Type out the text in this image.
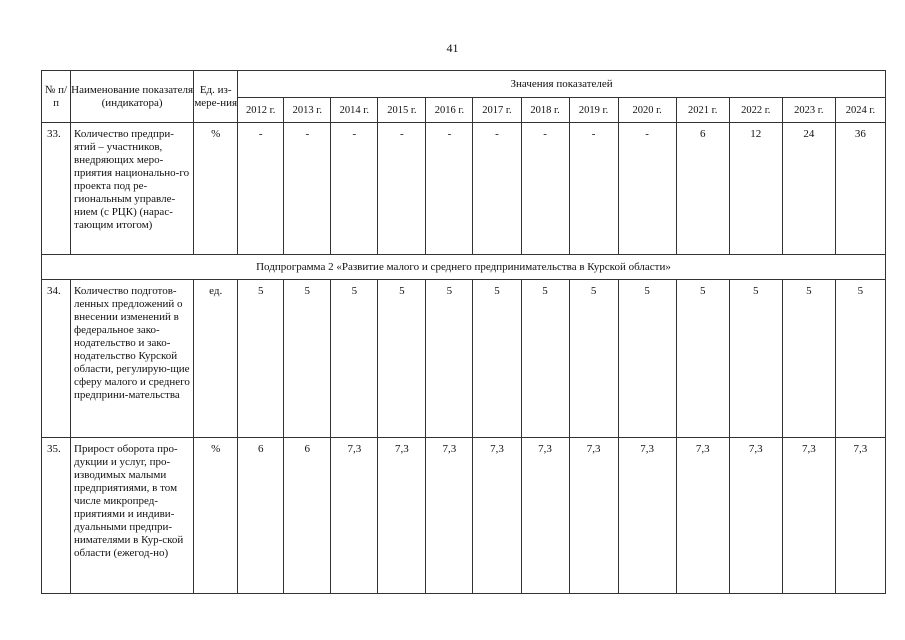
41
№ п/п	Наименование показателя (индикатора)	Ед. из-мере-ния	Значения показателей												
			2012 г.	2013 г.	2014 г.	2015 г.	2016 г.	2017 г.	2018 г.	2019 г.	2020 г.	2021 г.	2022 г.	2023 г.	2024 г.
33.	Количество предпри-ятий – участников, внедряющих меро-приятия национально-го проекта под ре-гиональным управле-нием (с РЦК) (нарас-тающим итогом)	%	-	-	-	-	-	-	-	-	-	6	12	24	36
Подпрограмма 2 «Развитие малого и среднего предпринимательства в Курской области»															
34.	Количество подготов-ленных предложений о внесении изменений в федеральное зако-нодательство и зако-нодательство Курской области, регулирую-щие сферу малого и среднего предприни-мательства	ед.	5	5	5	5	5	5	5	5	5	5	5	5	5
35.	Прирост оборота про-дукции и услуг, про-изводимых малыми предприятиями, в том числе микропред-приятиями и индиви-дуальными предпри-нимателями в Кур-ской области (ежегод-но)	%	6	6	7,3	7,3	7,3	7,3	7,3	7,3	7,3	7,3	7,3	7,3	7,3
